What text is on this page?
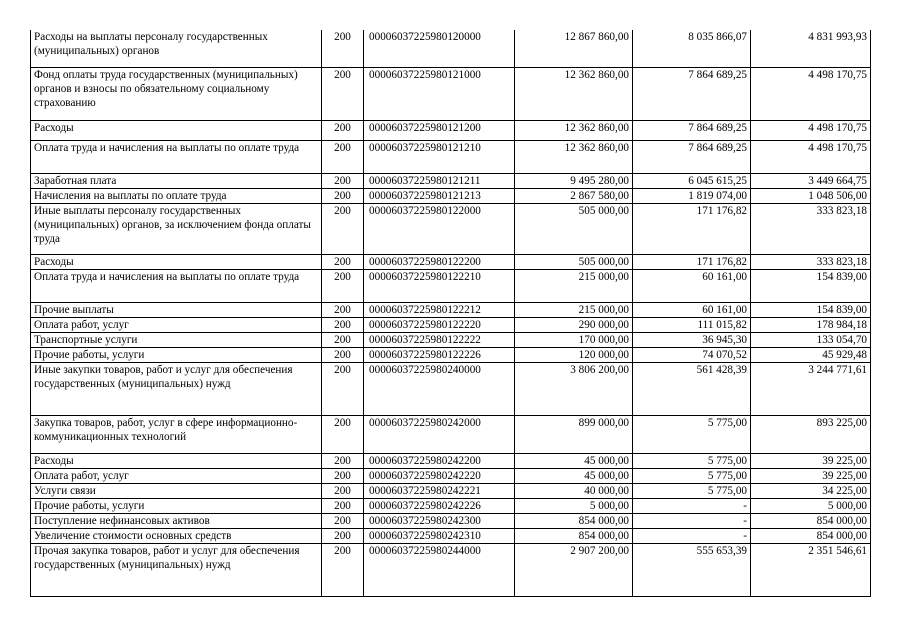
Расходы на выплаты персоналу государственных (муниципальных) органов	200	00006037225980120000	12 867 860,00	8 035 866,07	4 831 993,93
Фонд оплаты труда государственных (муниципальных) органов и взносы по обязательному социальному страхованию	200	00006037225980121000	12 362 860,00	7 864 689,25	4 498 170,75
Расходы	200	00006037225980121200	12 362 860,00	7 864 689,25	4 498 170,75
Оплата труда и начисления на выплаты по оплате труда	200	00006037225980121210	12 362 860,00	7 864 689,25	4 498 170,75
Заработная плата	200	00006037225980121211	9 495 280,00	6 045 615,25	3 449 664,75
Начисления на выплаты по оплате труда	200	00006037225980121213	2 867 580,00	1 819 074,00	1 048 506,00
Иные выплаты персоналу государственных (муниципальных) органов, за исключением фонда оплаты труда	200	00006037225980122000	505 000,00	171 176,82	333 823,18
Расходы	200	00006037225980122200	505 000,00	171 176,82	333 823,18
Оплата труда и начисления на выплаты по оплате труда	200	00006037225980122210	215 000,00	60 161,00	154 839,00
Прочие выплаты	200	00006037225980122212	215 000,00	60 161,00	154 839,00
Оплата работ, услуг	200	00006037225980122220	290 000,00	111 015,82	178 984,18
Транспортные услуги	200	00006037225980122222	170 000,00	36 945,30	133 054,70
Прочие работы, услуги	200	00006037225980122226	120 000,00	74 070,52	45 929,48
Иные закупки товаров, работ и услуг для обеспечения государственных (муниципальных) нужд	200	00006037225980240000	3 806 200,00	561 428,39	3 244 771,61
Закупка товаров, работ, услуг в сфере информационно-коммуникационных технологий	200	00006037225980242000	899 000,00	5 775,00	893 225,00
Расходы	200	00006037225980242200	45 000,00	5 775,00	39 225,00
Оплата работ, услуг	200	00006037225980242220	45 000,00	5 775,00	39 225,00
Услуги связи	200	00006037225980242221	40 000,00	5 775,00	34 225,00
Прочие работы, услуги	200	00006037225980242226	5 000,00	-	5 000,00
Поступление нефинансовых активов	200	00006037225980242300	854 000,00	-	854 000,00
Увеличение стоимости основных средств	200	00006037225980242310	854 000,00	-	854 000,00
Прочая закупка товаров, работ и услуг для обеспечения государственных (муниципальных) нужд	200	00006037225980244000	2 907 200,00	555 653,39	2 351 546,61
